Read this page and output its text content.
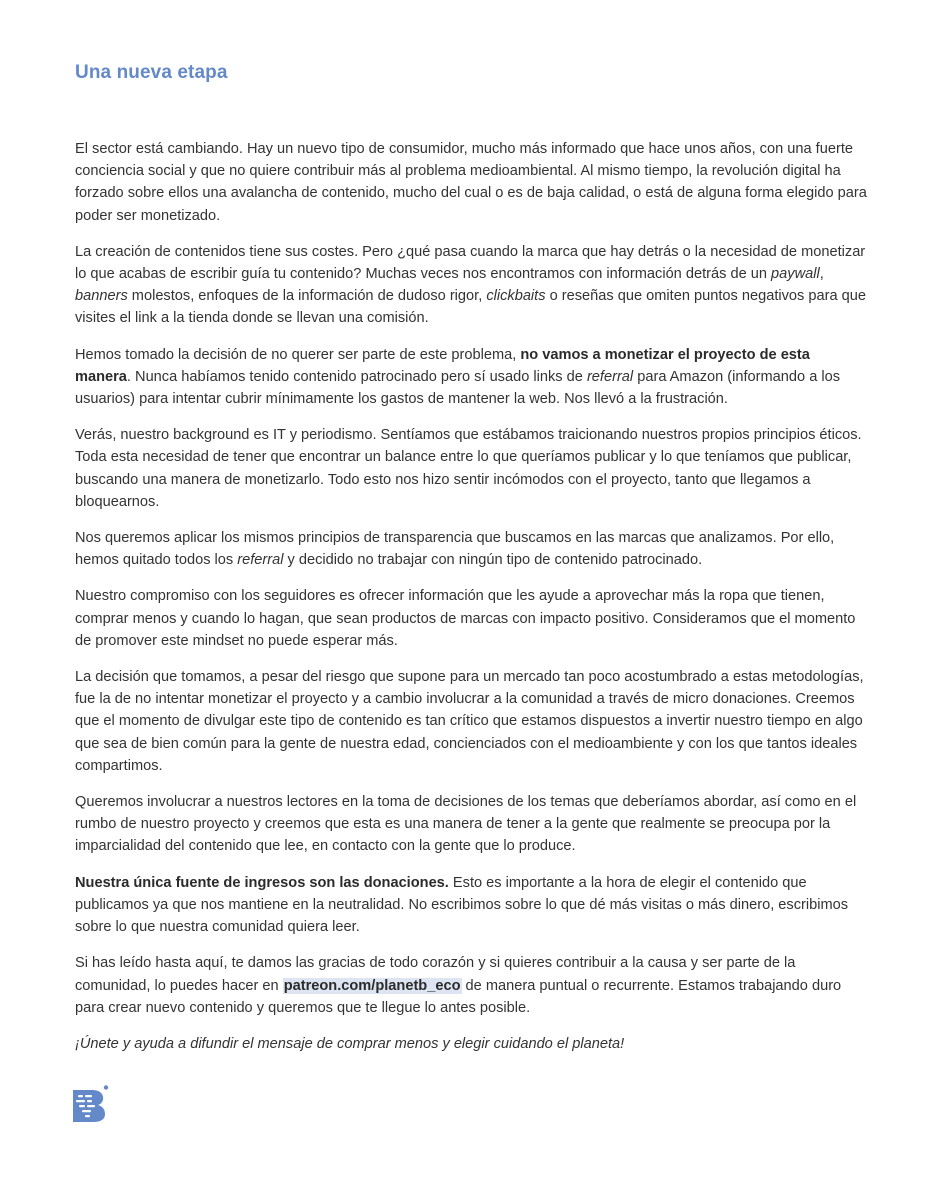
Una nueva etapa

El sector está cambiando. Hay un nuevo tipo de consumidor, mucho más informado que hace unos años, con una fuerte conciencia social y que no quiere contribuir más al problema medioambiental. Al mismo tiempo, la revolución digital ha forzado sobre ellos una avalancha de contenido, mucho del cual o es de baja calidad, o está de alguna forma elegido para poder ser monetizado.

La creación de contenidos tiene sus costes. Pero ¿qué pasa cuando la marca que hay detrás o la necesidad de monetizar lo que acabas de escribir guía tu contenido? Muchas veces nos encontramos con información detrás de un paywall, banners molestos, enfoques de la información de dudoso rigor, clickbaits o reseñas que omiten puntos negativos para que visites el link a la tienda donde se llevan una comisión.

Hemos tomado la decisión de no querer ser parte de este problema, no vamos a monetizar el proyecto de esta manera. Nunca habíamos tenido contenido patrocinado pero sí usado links de referral para Amazon (informando a los usuarios) para intentar cubrir mínimamente los gastos de mantener la web. Nos llevó a la frustración.

Verás, nuestro background es IT y periodismo. Sentíamos que estábamos traicionando nuestros propios principios éticos. Toda esta necesidad de tener que encontrar un balance entre lo que queríamos publicar y lo que teníamos que publicar, buscando una manera de monetizarlo. Todo esto nos hizo sentir incómodos con el proyecto, tanto que llegamos a bloquearnos.

Nos queremos aplicar los mismos principios de transparencia que buscamos en las marcas que analizamos. Por ello, hemos quitado todos los referral y decidido no trabajar con ningún tipo de contenido patrocinado.

Nuestro compromiso con los seguidores es ofrecer información que les ayude a aprovechar más la ropa que tienen, comprar menos y cuando lo hagan, que sean productos de marcas con impacto positivo. Consideramos que el momento de promover este mindset no puede esperar más.

La decisión que tomamos, a pesar del riesgo que supone para un mercado tan poco acostumbrado a estas metodologías, fue la de no intentar monetizar el proyecto y a cambio involucrar a la comunidad a través de micro donaciones. Creemos que el momento de divulgar este tipo de contenido es tan crítico que estamos dispuestos a invertir nuestro tiempo en algo que sea de bien común para la gente de nuestra edad, concienciados con el medioambiente y con los que tantos ideales compartimos.

Queremos involucrar a nuestros lectores en la toma de decisiones de los temas que deberíamos abordar, así como en el rumbo de nuestro proyecto y creemos que esta es una manera de tener a la gente que realmente se preocupa por la imparcialidad del contenido que lee, en contacto con la gente que lo produce.

Nuestra única fuente de ingresos son las donaciones. Esto es importante a la hora de elegir el contenido que publicamos ya que nos mantiene en la neutralidad. No escribimos sobre lo que dé más visitas o más dinero, escribimos sobre lo que nuestra comunidad quiera leer.

Si has leído hasta aquí, te damos las gracias de todo corazón y si quieres contribuir a la causa y ser parte de la comunidad, lo puedes hacer en patreon.com/planetb_eco de manera puntual o recurrente. Estamos trabajando duro para crear nuevo contenido y queremos que te llegue lo antes posible.

¡Únete y ayuda a difundir el mensaje de comprar menos y elegir cuidando el planeta!
